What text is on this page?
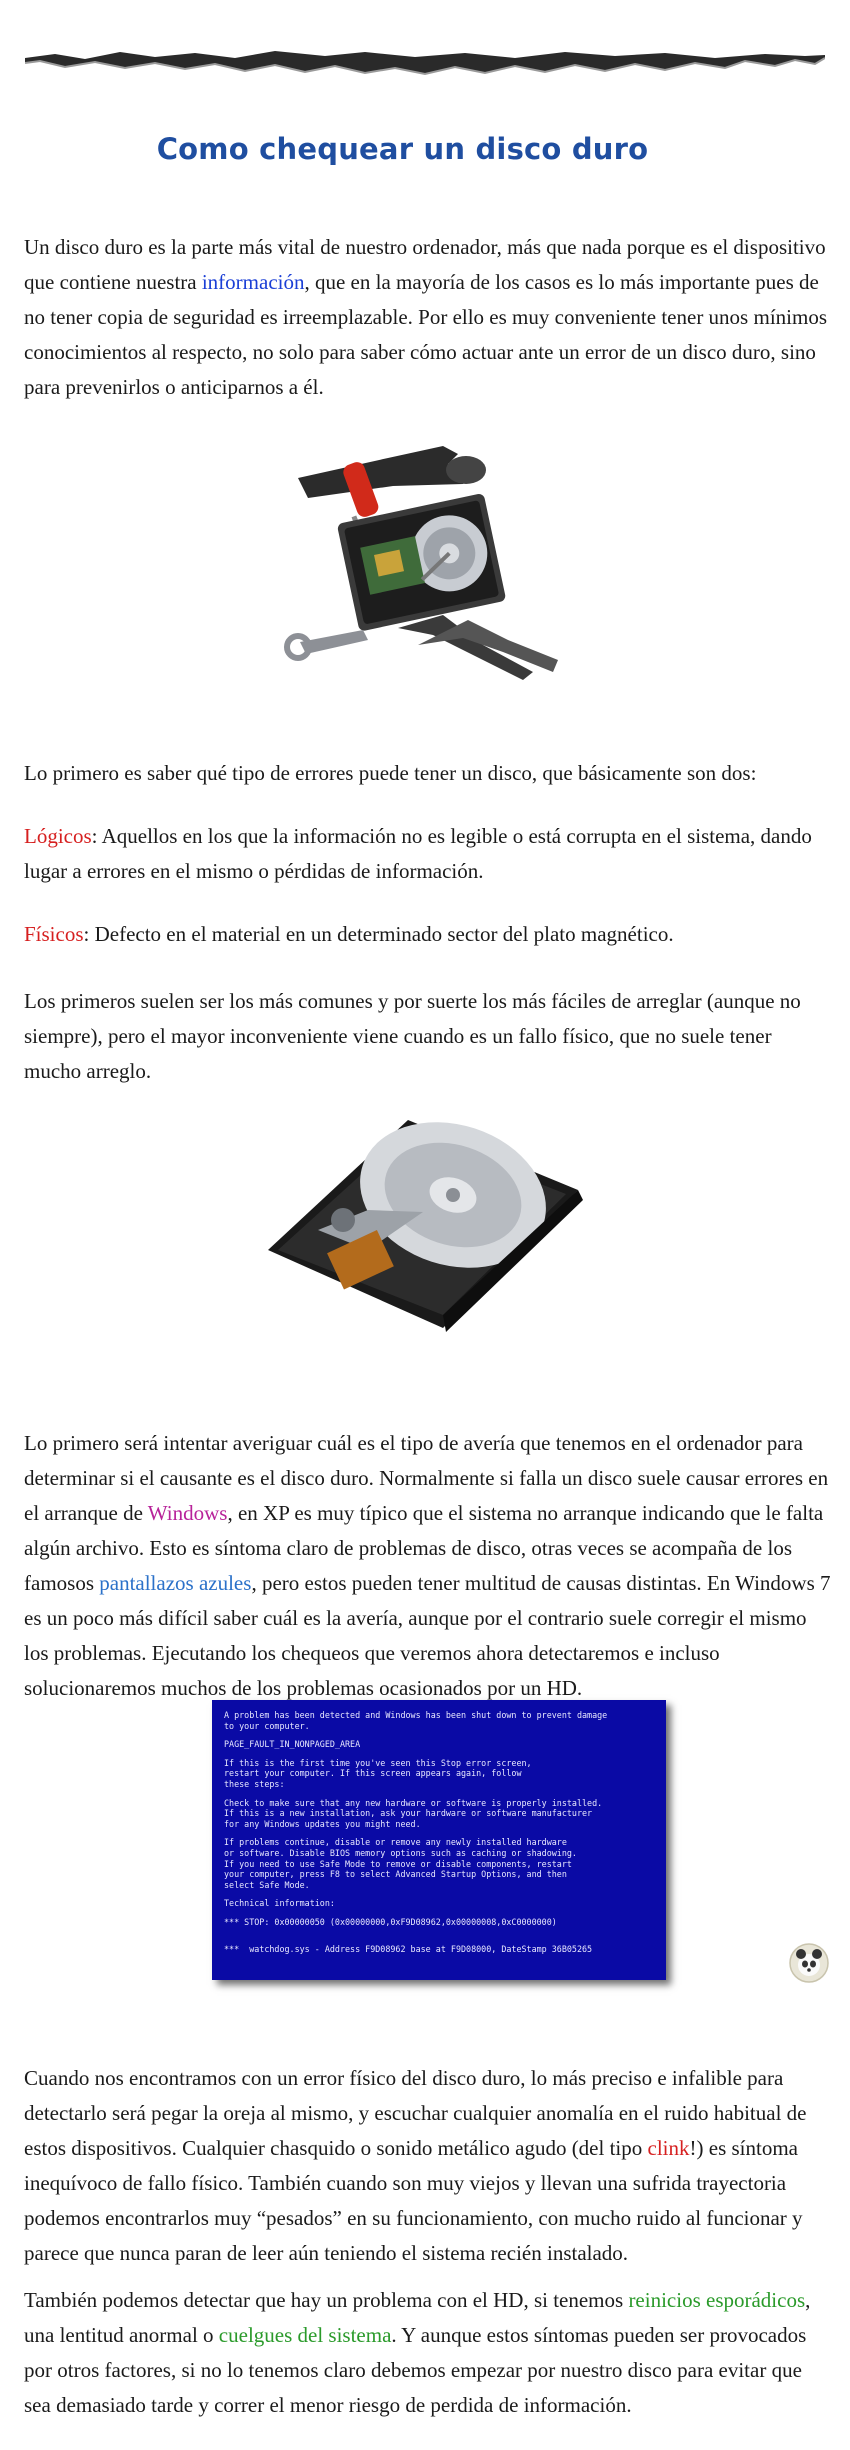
Como chequear un disco duro

Un disco duro es la parte más vital de nuestro ordenador, más que nada porque es el dispositivo que contiene nuestra información, que en la mayoría de los casos es lo más importante pues de no tener copia de seguridad es irreemplazable. Por ello es muy conveniente tener unos mínimos conocimientos al respecto, no solo para saber cómo actuar ante un error de un disco duro, sino para prevenirlos o anticiparnos a él.

Lo primero es saber qué tipo de errores puede tener un disco, que básicamente son dos:

Lógicos: Aquellos en los que la información no es legible o está corrupta en el sistema, dando lugar a errores en el mismo o pérdidas de información.

Físicos: Defecto en el material en un determinado sector del plato magnético.

Los primeros suelen ser los más comunes y por suerte los más fáciles de arreglar (aunque no siempre), pero el mayor inconveniente viene cuando es un fallo físico, que no suele tener mucho arreglo.

Lo primero será intentar averiguar cuál es el tipo de avería que tenemos en el ordenador para determinar si el causante es el disco duro. Normalmente si falla un disco suele causar errores en el arranque de Windows, en XP es muy típico que el sistema no arranque indicando que le falta algún archivo. Esto es síntoma claro de problemas de disco, otras veces se acompaña de los famosos pantallazos azules, pero estos pueden tener multitud de causas distintas. En Windows 7 es un poco más difícil saber cuál es la avería, aunque por el contrario suele corregir el mismo los problemas. Ejecutando los chequeos que veremos ahora detectaremos e incluso solucionaremos muchos de los problemas ocasionados por un HD.

A problem has been detected and Windows has been shut down to prevent damage
to your computer.
PAGE_FAULT_IN_NONPAGED_AREA
If this is the first time you've seen this Stop error screen,
restart your computer. If this screen appears again, follow
these steps:
Check to make sure that any new hardware or software is properly installed.
If this is a new installation, ask your hardware or software manufacturer
for any Windows updates you might need.
If problems continue, disable or remove any newly installed hardware
or software. Disable BIOS memory options such as caching or shadowing.
If you need to use Safe Mode to remove or disable components, restart
your computer, press F8 to select Advanced Startup Options, and then
select Safe Mode.
Technical information:
*** STOP: 0x00000050 (0x00000000,0xF9D08962,0x00000008,0xC0000000)
***  watchdog.sys - Address F9D08962 base at F9D08000, DateStamp 36B05265

Cuando nos encontramos con un error físico del disco duro, lo más preciso e infalible para detectarlo será pegar la oreja al mismo, y escuchar cualquier anomalía en el ruido habitual de estos dispositivos. Cualquier chasquido o sonido metálico agudo (del tipo clink!) es síntoma inequívoco de fallo físico. También cuando son muy viejos y llevan una sufrida trayectoria podemos encontrarlos muy “pesados” en su funcionamiento, con mucho ruido al funcionar y parece que nunca paran de leer aún teniendo el sistema recién instalado.

También podemos detectar que hay un problema con el HD, si tenemos reinicios esporádicos, una lentitud anormal o cuelgues del sistema. Y aunque estos síntomas pueden ser provocados por otros factores, si no lo tenemos claro debemos empezar por nuestro disco para evitar que sea demasiado tarde y correr el menor riesgo de perdida de información.
